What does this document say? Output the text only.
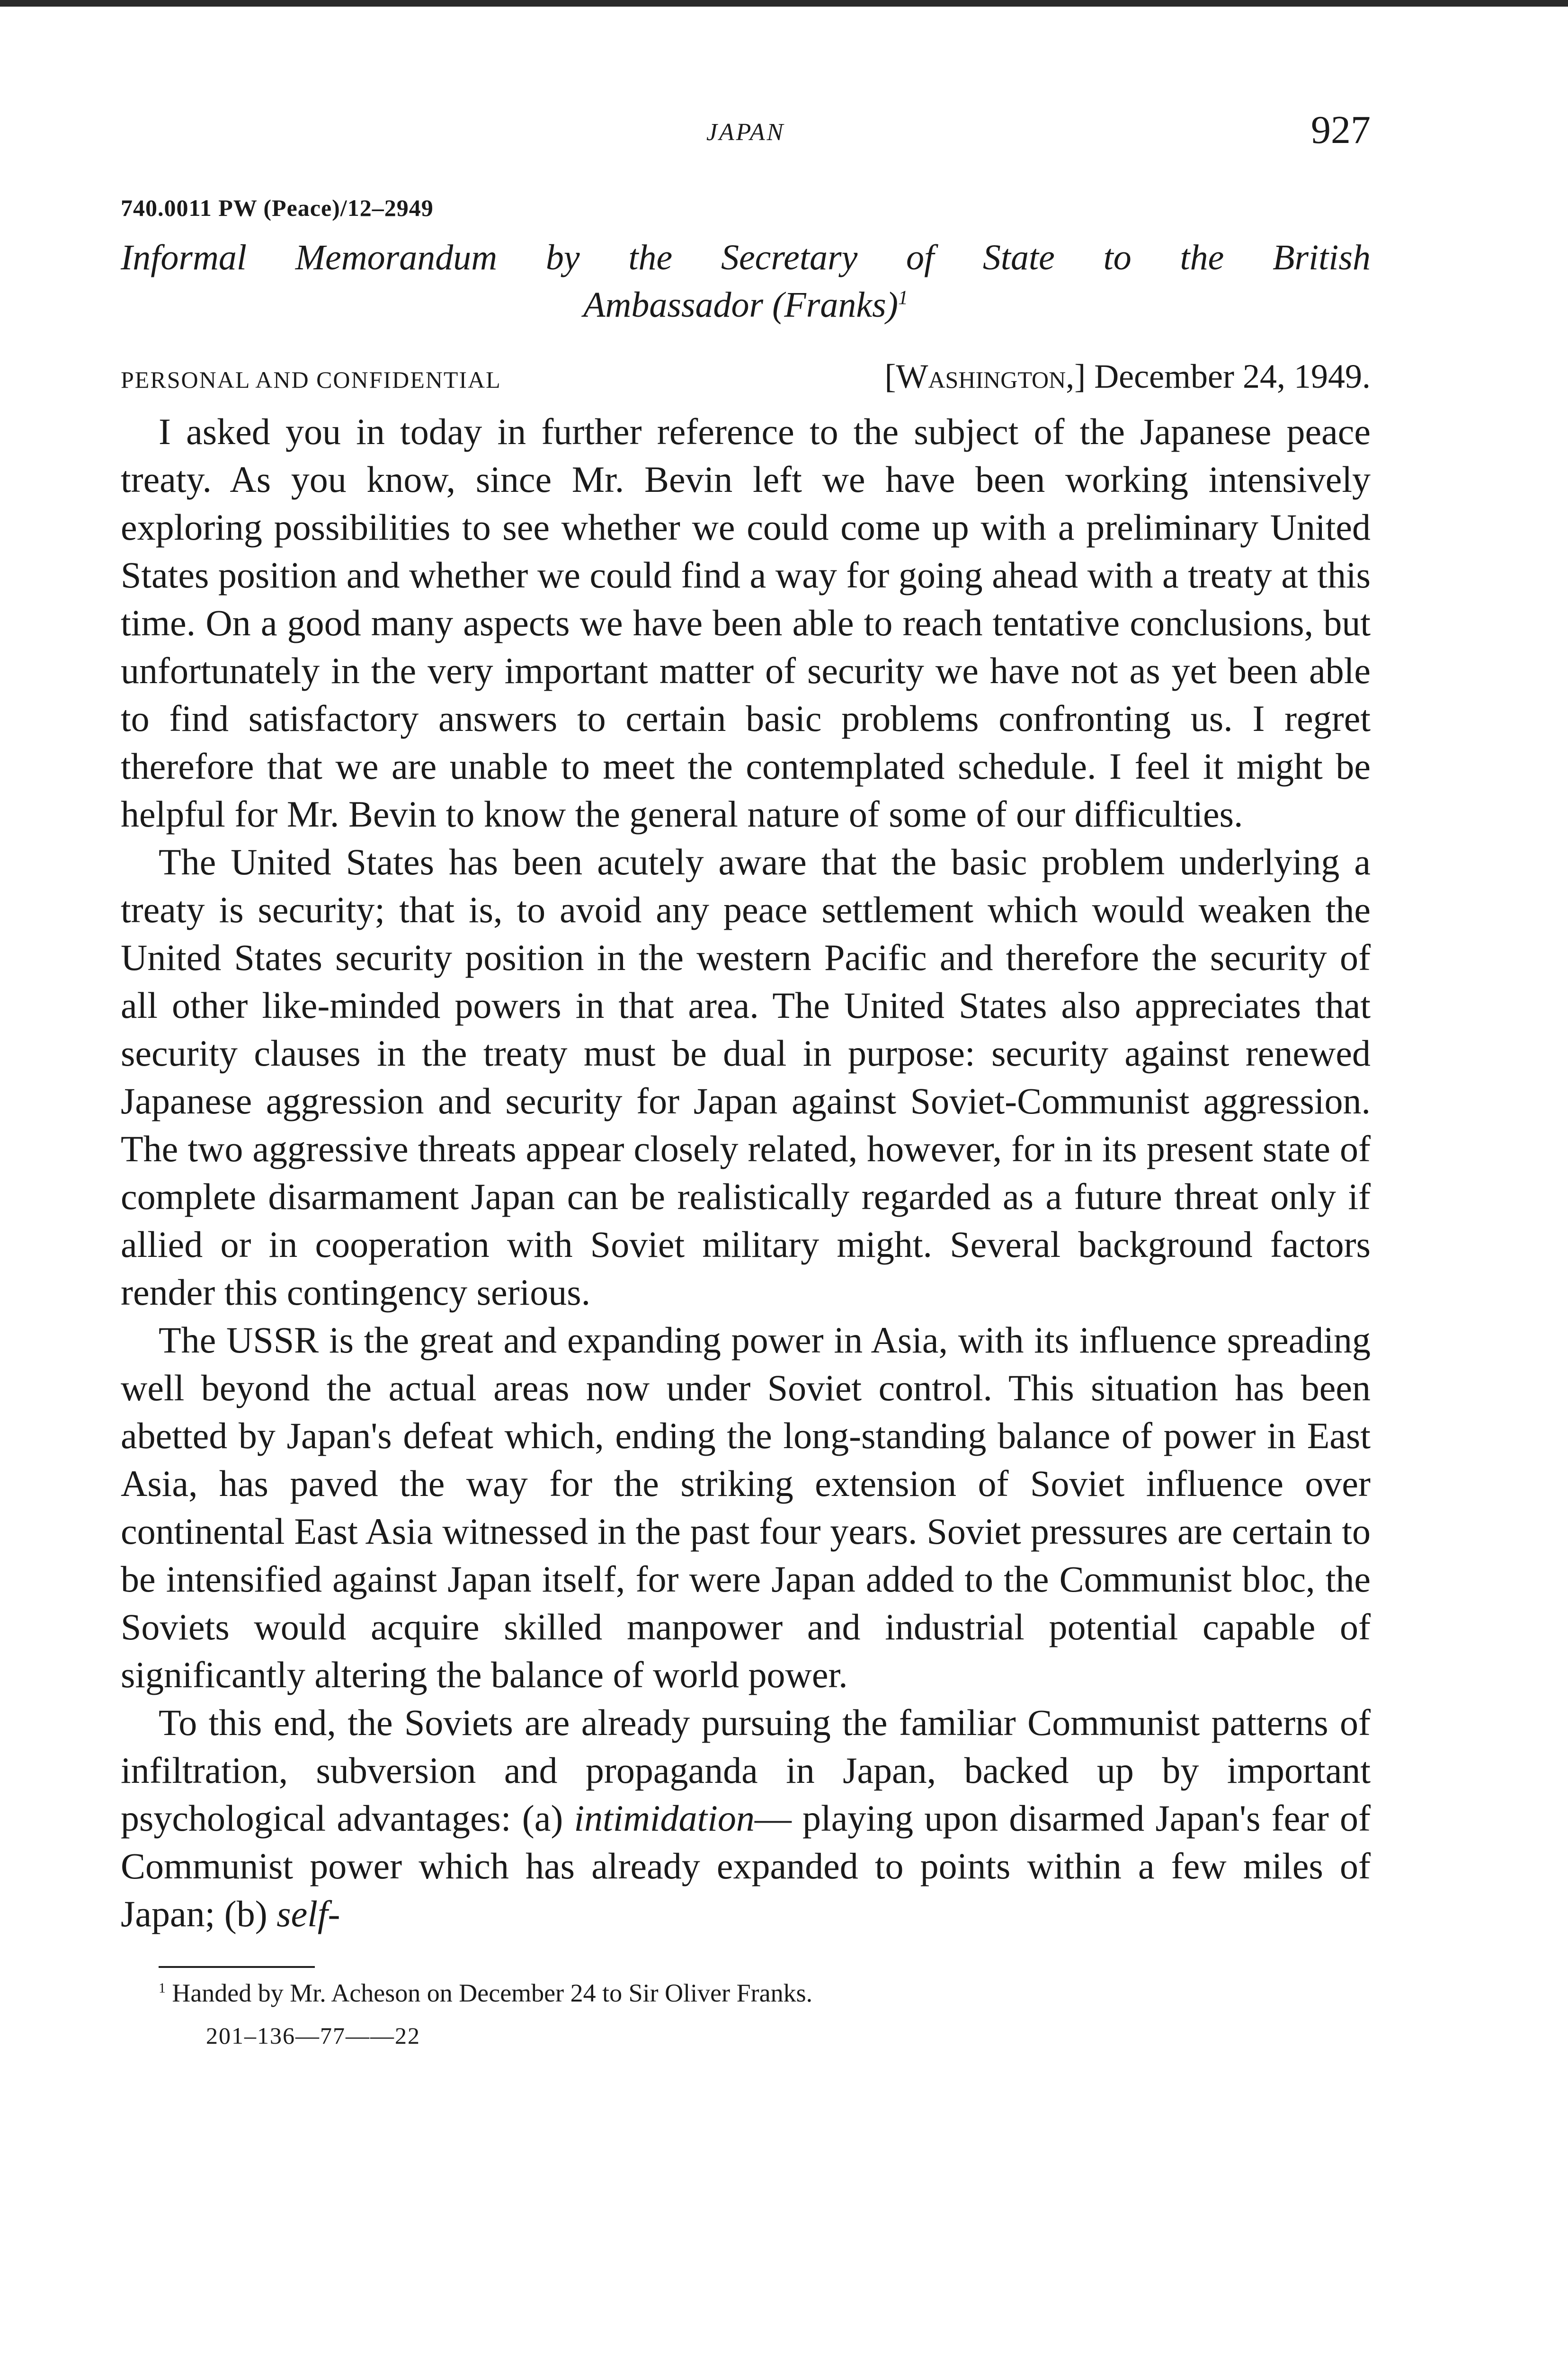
JAPAN	927
740.0011 PW (Peace)/12–2949
Informal Memorandum by the Secretary of State to the British
Ambassador (Franks)$^1$
PERSONAL AND CONFIDENTIAL	[Washington,] December 24, 1949.

I asked you in today in further reference to the subject of the Japanese peace treaty. As you know, since Mr. Bevin left we have been working intensively exploring possibilities to see whether we could come up with a preliminary United States position and whether we could find a way for going ahead with a treaty at this time. On a good many aspects we have been able to reach tentative conclusions, but unfortunately in the very important matter of security we have not as yet been able to find satisfactory answers to certain basic problems confronting us. I regret therefore that we are unable to meet the contemplated schedule. I feel it might be helpful for Mr. Bevin to know the general nature of some of our difficulties.

The United States has been acutely aware that the basic problem underlying a treaty is security; that is, to avoid any peace settlement which would weaken the United States security position in the western Pacific and therefore the security of all other like-minded powers in that area. The United States also appreciates that security clauses in the treaty must be dual in purpose: security against renewed Japanese aggression and security for Japan against Soviet-Communist aggression. The two aggressive threats appear closely related, however, for in its present state of complete disarmament Japan can be realistically regarded as a future threat only if allied or in cooperation with Soviet military might. Several background factors render this contingency serious.

The USSR is the great and expanding power in Asia, with its influence spreading well beyond the actual areas now under Soviet control. This situation has been abetted by Japan's defeat which, ending the long-standing balance of power in East Asia, has paved the way for the striking extension of Soviet influence over continental East Asia witnessed in the past four years. Soviet pressures are certain to be intensified against Japan itself, for were Japan added to the Communist bloc, the Soviets would acquire skilled manpower and industrial potential capable of significantly altering the balance of world power.

To this end, the Soviets are already pursuing the familiar Communist patterns of infiltration, subversion and propaganda in Japan, backed up by important psychological advantages: (a) intimidation— playing upon disarmed Japan's fear of Communist power which has already expanded to points within a few miles of Japan; (b) self-

$^1$ Handed by Mr. Acheson on December 24 to Sir Oliver Franks.
201–136—77——22
